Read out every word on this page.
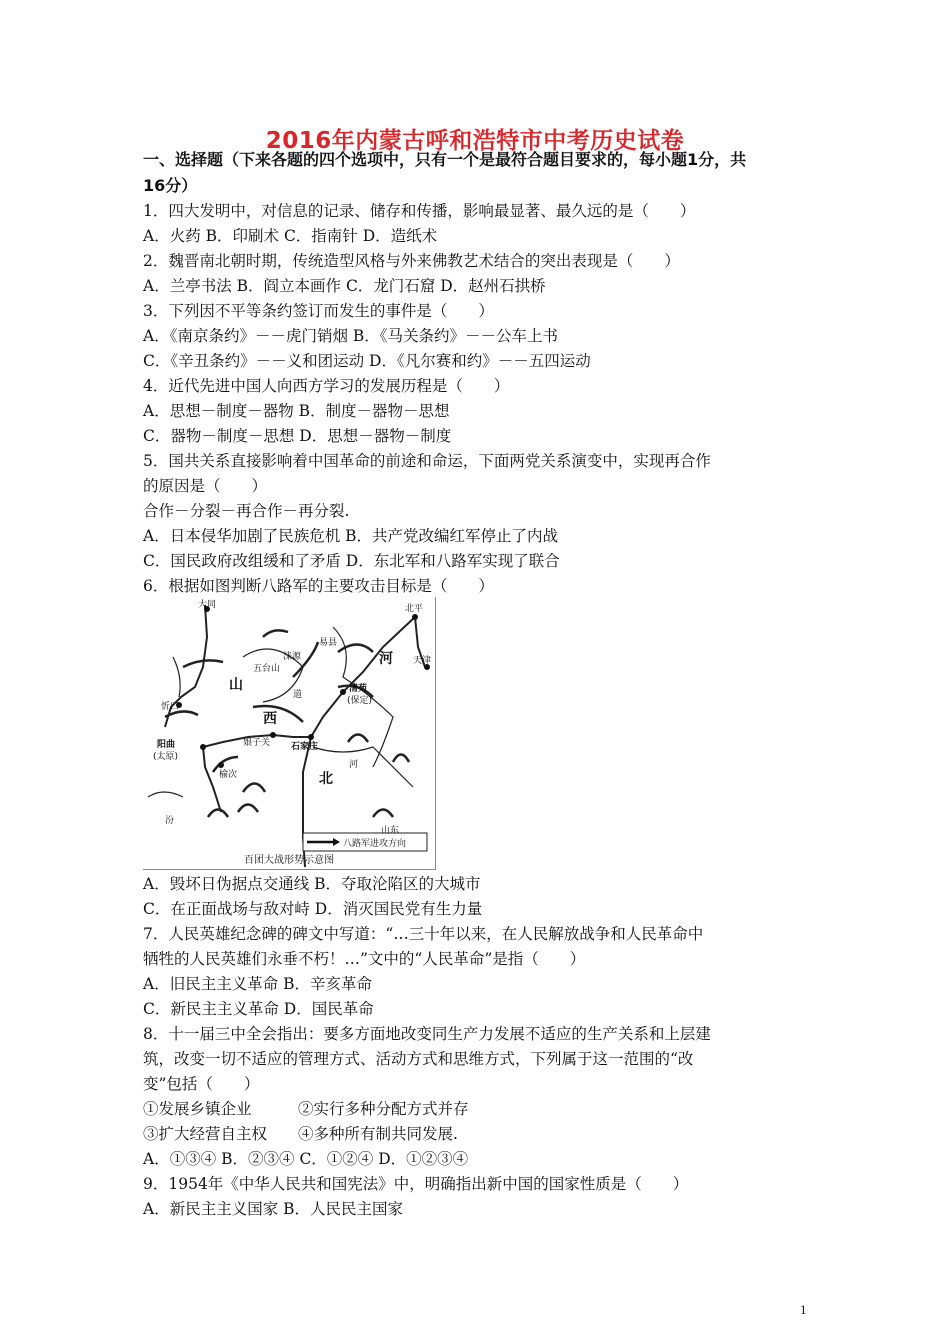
2016年内蒙古呼和浩特市中考历史试卷
一、选择题（下来各题的四个选项中，只有一个是最符合题目要求的，每小题1分，共
16分）
1．四大发明中，对信息的记录、储存和传播，影响最显著、最久远的是（　　）
A．火药 B．印刷术 C．指南针 D．造纸术
2．魏晋南北朝时期，传统造型风格与外来佛教艺术结合的突出表现是（　　）
A．兰亭书法 B．阎立本画作 C．龙门石窟 D．赵州石拱桥
3．下列因不平等条约签订而发生的事件是（　　）
A．《南京条约》－－虎门销烟 B．《马关条约》－－公车上书
C．《辛丑条约》－－义和团运动 D．《凡尔赛和约》－－五四运动
4．近代先进中国人向西方学习的发展历程是（　　）
A．思想－制度－器物 B．制度－器物－思想
C．器物－制度－思想 D．思想－器物－制度
5．国共关系直接影响着中国革命的前途和命运，下面两党关系演变中，实现再合作
的原因是（　　）
合作－分裂－再合作－再分裂.
A．日本侵华加剧了民族危机 B．共产党改编红军停止了内战
C．国民政府改组缓和了矛盾 D．东北军和八路军实现了联合
6．根据如图判断八路军的主要攻击目标是（　　）
八路军进攻方向
大同	北平
天津
五台山
涞源
易县
清苑
(保定)
忻口
阳曲
(太原)
娘子关 石家庄
榆次
汾
山东
河
道
山
西
河
北
百团大战形势示意图
A．毁坏日伪据点交通线 B．夺取沦陷区的大城市
C．在正面战场与敌对峙 D．消灭国民党有生力量
7．人民英雄纪念碑的碑文中写道：“…三十年以来，在人民解放战争和人民革命中
牺牲的人民英雄们永垂不朽！…”文中的“人民革命”是指（　　）
A．旧民主主义革命 B．辛亥革命
C．新民主主义革命 D．国民革命
8．十一届三中全会指出：要多方面地改变同生产力发展不适应的生产关系和上层建
筑，改变一切不适应的管理方式、活动方式和思维方式，下列属于这一范围的“改
变”包括（　　）
①发展乡镇企业　　　②实行多种分配方式并存
③扩大经营自主权　　④多种所有制共同发展.
A．①③④ B．②③④ C．①②④ D．①②③④
9．1954年《中华人民共和国宪法》中，明确指出新中国的国家性质是（　　）
A．新民主主义国家 B．人民民主国家
1
